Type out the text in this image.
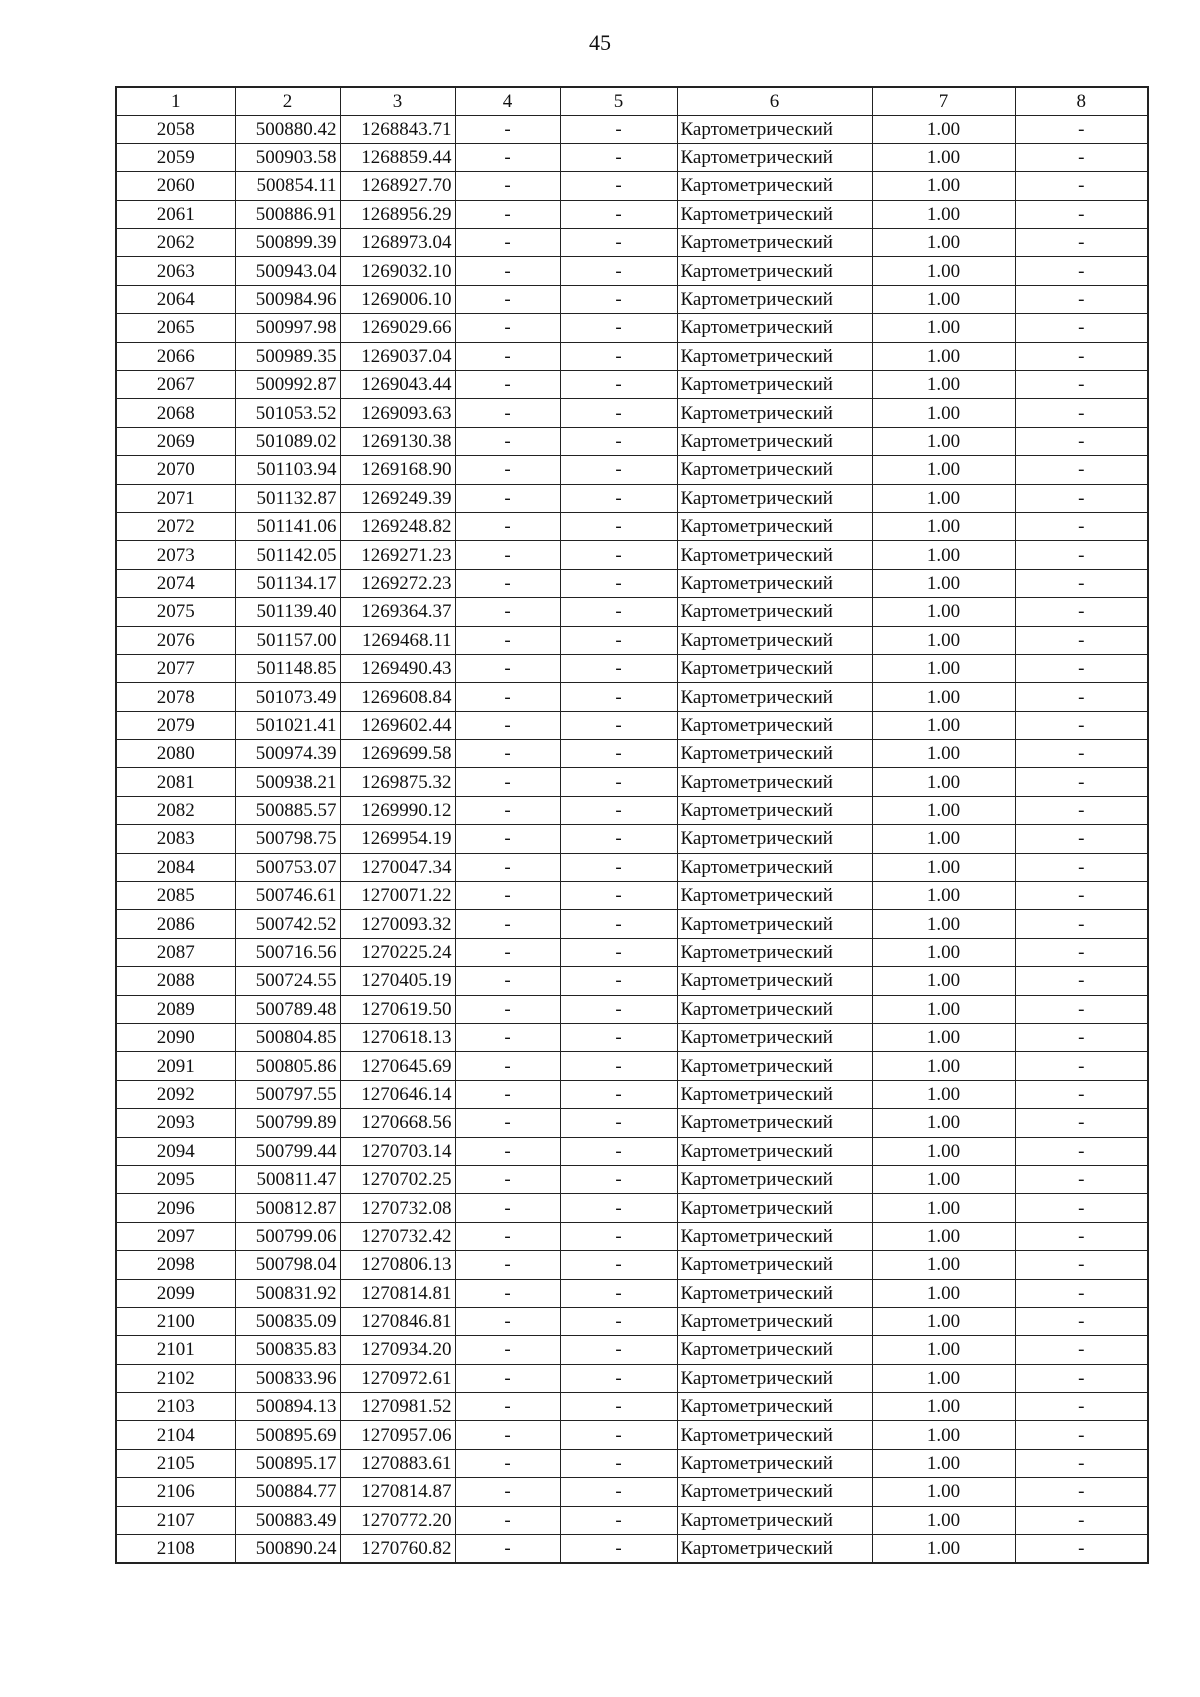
45
1	2	3	4	5	6	7	8
2058	500880.42	1268843.71	-	-	Картометрический	1.00	-
2059	500903.58	1268859.44	-	-	Картометрический	1.00	-
2060	500854.11	1268927.70	-	-	Картометрический	1.00	-
2061	500886.91	1268956.29	-	-	Картометрический	1.00	-
2062	500899.39	1268973.04	-	-	Картометрический	1.00	-
2063	500943.04	1269032.10	-	-	Картометрический	1.00	-
2064	500984.96	1269006.10	-	-	Картометрический	1.00	-
2065	500997.98	1269029.66	-	-	Картометрический	1.00	-
2066	500989.35	1269037.04	-	-	Картометрический	1.00	-
2067	500992.87	1269043.44	-	-	Картометрический	1.00	-
2068	501053.52	1269093.63	-	-	Картометрический	1.00	-
2069	501089.02	1269130.38	-	-	Картометрический	1.00	-
2070	501103.94	1269168.90	-	-	Картометрический	1.00	-
2071	501132.87	1269249.39	-	-	Картометрический	1.00	-
2072	501141.06	1269248.82	-	-	Картометрический	1.00	-
2073	501142.05	1269271.23	-	-	Картометрический	1.00	-
2074	501134.17	1269272.23	-	-	Картометрический	1.00	-
2075	501139.40	1269364.37	-	-	Картометрический	1.00	-
2076	501157.00	1269468.11	-	-	Картометрический	1.00	-
2077	501148.85	1269490.43	-	-	Картометрический	1.00	-
2078	501073.49	1269608.84	-	-	Картометрический	1.00	-
2079	501021.41	1269602.44	-	-	Картометрический	1.00	-
2080	500974.39	1269699.58	-	-	Картометрический	1.00	-
2081	500938.21	1269875.32	-	-	Картометрический	1.00	-
2082	500885.57	1269990.12	-	-	Картометрический	1.00	-
2083	500798.75	1269954.19	-	-	Картометрический	1.00	-
2084	500753.07	1270047.34	-	-	Картометрический	1.00	-
2085	500746.61	1270071.22	-	-	Картометрический	1.00	-
2086	500742.52	1270093.32	-	-	Картометрический	1.00	-
2087	500716.56	1270225.24	-	-	Картометрический	1.00	-
2088	500724.55	1270405.19	-	-	Картометрический	1.00	-
2089	500789.48	1270619.50	-	-	Картометрический	1.00	-
2090	500804.85	1270618.13	-	-	Картометрический	1.00	-
2091	500805.86	1270645.69	-	-	Картометрический	1.00	-
2092	500797.55	1270646.14	-	-	Картометрический	1.00	-
2093	500799.89	1270668.56	-	-	Картометрический	1.00	-
2094	500799.44	1270703.14	-	-	Картометрический	1.00	-
2095	500811.47	1270702.25	-	-	Картометрический	1.00	-
2096	500812.87	1270732.08	-	-	Картометрический	1.00	-
2097	500799.06	1270732.42	-	-	Картометрический	1.00	-
2098	500798.04	1270806.13	-	-	Картометрический	1.00	-
2099	500831.92	1270814.81	-	-	Картометрический	1.00	-
2100	500835.09	1270846.81	-	-	Картометрический	1.00	-
2101	500835.83	1270934.20	-	-	Картометрический	1.00	-
2102	500833.96	1270972.61	-	-	Картометрический	1.00	-
2103	500894.13	1270981.52	-	-	Картометрический	1.00	-
2104	500895.69	1270957.06	-	-	Картометрический	1.00	-
2105	500895.17	1270883.61	-	-	Картометрический	1.00	-
2106	500884.77	1270814.87	-	-	Картометрический	1.00	-
2107	500883.49	1270772.20	-	-	Картометрический	1.00	-
2108	500890.24	1270760.82	-	-	Картометрический	1.00	-
